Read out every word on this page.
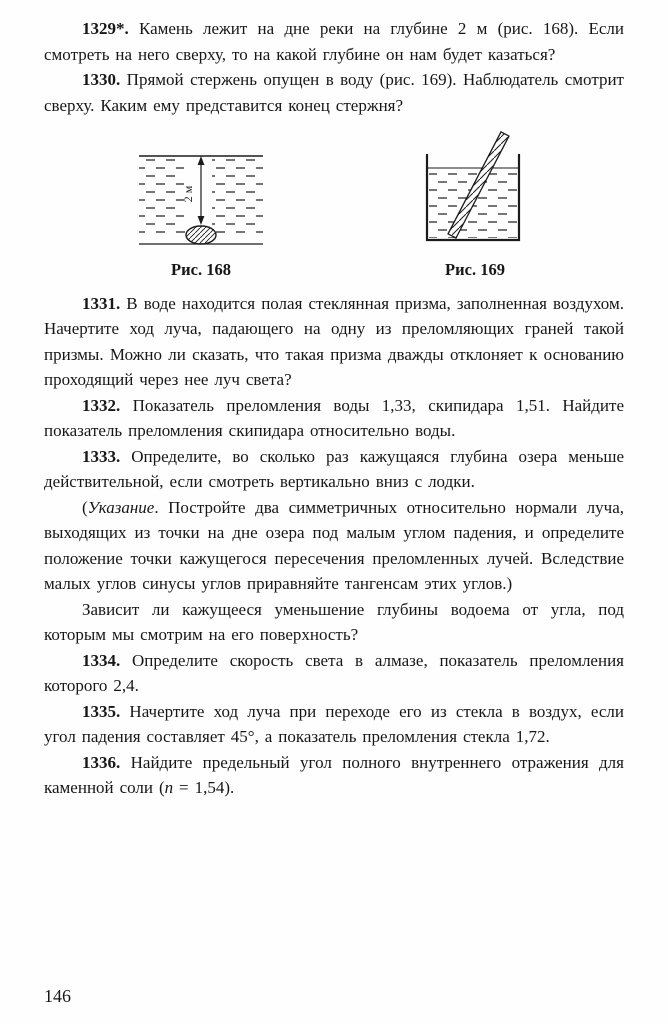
1329*. Камень лежит на дне реки на глубине 2 м (рис. 168). Если смотреть на него сверху, то на какой глубине он нам будет казаться?

1330. Прямой стержень опущен в воду (рис. 169). Наблюдатель смотрит сверху. Каким ему представится конец стержня?

2 м
Рис. 168	Рис. 169

1331. В воде находится полая стеклянная призма, заполненная воздухом. Начертите ход луча, падающего на одну из преломляющих граней такой призмы. Можно ли сказать, что такая призма дважды отклоняет к основанию проходящий через нее луч света?

1332. Показатель преломления воды 1,33, скипидара 1,51. Найдите показатель преломления скипидара относительно воды.

1333. Определите, во сколько раз кажущаяся глубина озера меньше действительной, если смотреть вертикально вниз с лодки.

(Указание. Постройте два симметричных относительно нормали луча, выходящих из точки на дне озера под малым углом падения, и определите положение точки кажущегося пересечения преломленных лучей. Вследствие малых углов синусы углов приравняйте тангенсам этих углов.)

Зависит ли кажущееся уменьшение глубины водоема от угла, под которым мы смотрим на его поверхность?

1334. Определите скорость света в алмазе, показатель преломления которого 2,4.

1335. Начертите ход луча при переходе его из стекла в воздух, если угол падения составляет 45°, а показатель преломления стекла 1,72.

1336. Найдите предельный угол полного внутреннего отражения для каменной соли (n = 1,54).

146
